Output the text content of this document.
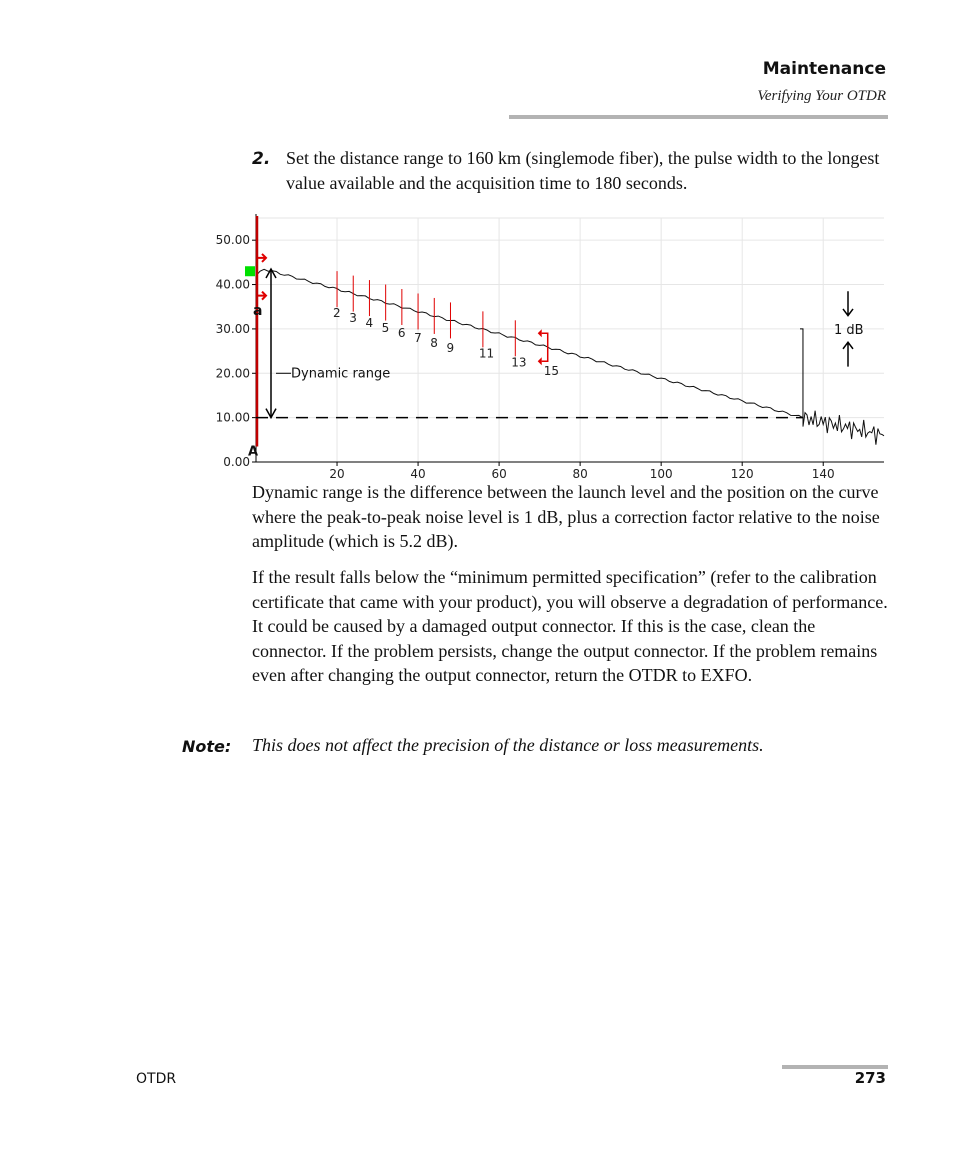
Maintenance
Verifying Your OTDR
2. Set the distance range to 160 km (singlemode fiber), the pulse width to the longest value available and the acquisition time to 180 seconds.
50.00
40.00
30.00
20.00
10.00
0.00
20	40	60	80	100	120	140
2 3 4 5 6 7 8 9 11
13
15
Dynamic range
1 dB
a
A

Dynamic range is the difference between the launch level and the position on the curve where the peak-to-peak noise level is 1 dB, plus a correction factor relative to the noise amplitude (which is 5.2 dB).

If the result falls below the “minimum permitted specification” (refer to the calibration certificate that came with your product), you will observe a degradation of performance. It could be caused by a damaged output connector. If this is the case, clean the connector. If the problem persists, change the output connector. If the problem remains even after changing the output connector, return the OTDR to EXFO.

Note: This does not affect the precision of the distance or loss measurements.
OTDR	273
